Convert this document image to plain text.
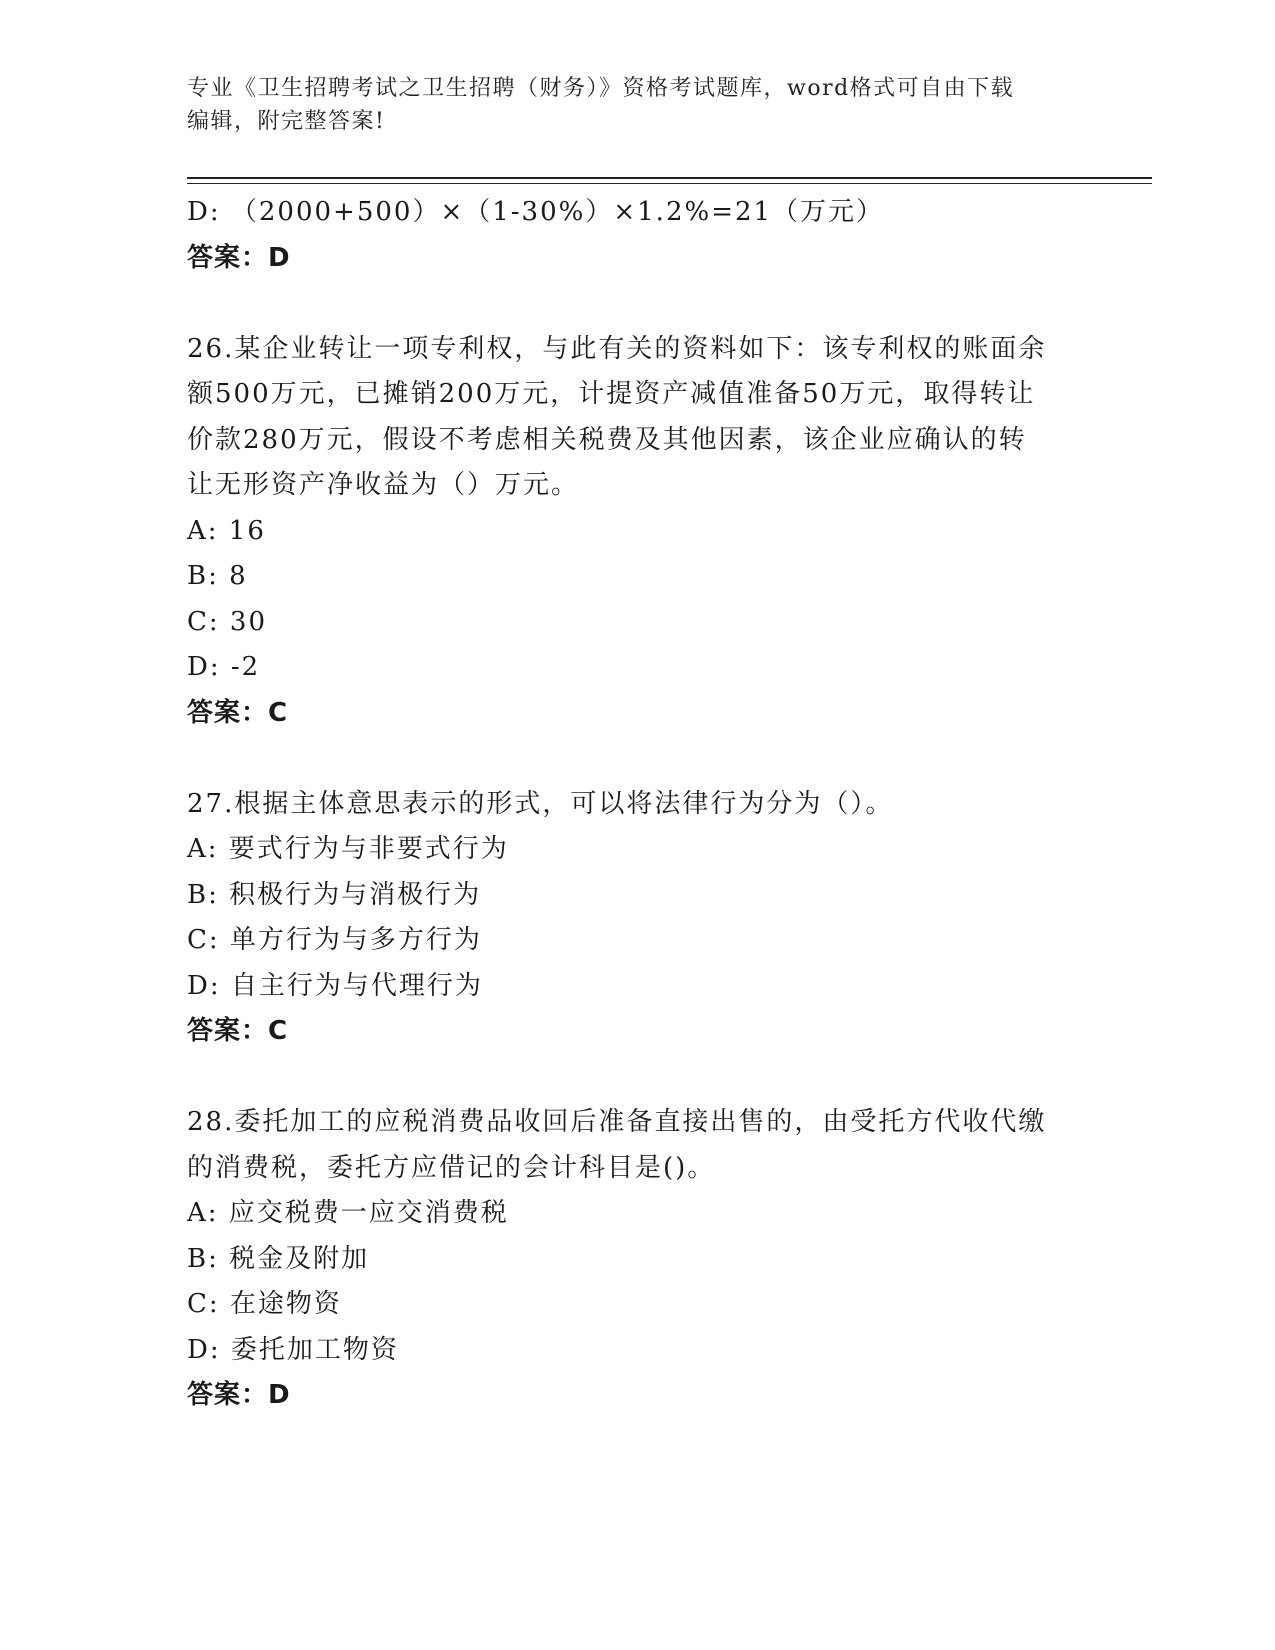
专业《卫生招聘考试之卫生招聘（财务）》资格考试题库，word格式可自由下载
编辑，附完整答案!
D: （2000+500）×（1-30%）×1.2%=21（万元）
答案：D
26.某企业转让一项专利权，与此有关的资料如下：该专利权的账面余
额500万元，已摊销200万元，计提资产减值准备50万元，取得转让
价款280万元，假设不考虑相关税费及其他因素，该企业应确认的转
让无形资产净收益为（）万元。
A: 16
B: 8
C: 30
D: -2
答案：C
27.根据主体意思表示的形式，可以将法律行为分为（）。
A: 要式行为与非要式行为
B: 积极行为与消极行为
C: 单方行为与多方行为
D: 自主行为与代理行为
答案：C
28.委托加工的应税消费品收回后准备直接出售的，由受托方代收代缴
的消费税，委托方应借记的会计科目是()。
A: 应交税费一应交消费税
B: 税金及附加
C: 在途物资
D: 委托加工物资
答案：D
